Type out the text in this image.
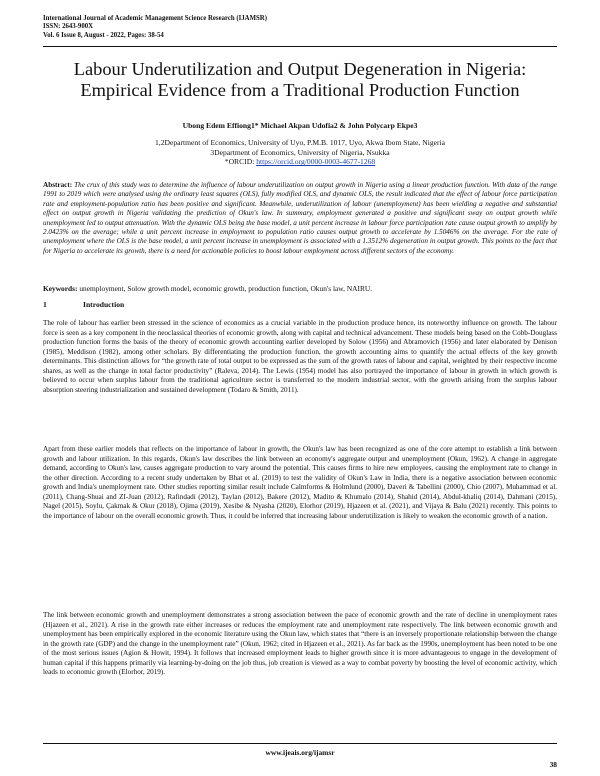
International Journal of Academic Management Science Research (IJAMSR)
ISSN: 2643-900X
Vol. 6 Issue 8, August - 2022, Pages: 38-54
Labour Underutilization and Output Degeneration in Nigeria:
Empirical Evidence from a Traditional Production Function
Ubong Edem Effiong1* Michael Akpan Udofia2 & John Polycarp Ekpe3
1,2Department of Economics, University of Uyo, P.M.B. 1017, Uyo, Akwa Ibom State, Nigeria
3Department of Economics, University of Nigeria, Nsukka
*ORCID: https://orcid.org/0000-0003-4677-1268
Abstract: The crux of this study was to determine the influence of labour underutilization on output growth in Nigeria using a linear production function. With data of the range 1991 to 2019 which were analysed using the ordinary least squares (OLS), fully modified OLS, and dynamic OLS, the result indicated that the effect of labour force participation rate and employment-population ratio has been positive and significant. Meanwhile, underutilization of labour (unemployment) has been wielding a negative and substantial effect on output growth in Nigeria validating the prediction of Okun's law. In summary, employment generated a positive and significant sway on output growth while unemployment led to output attenuation. With the dynamic OLS being the base model, a unit percent increase in labour force participation rate cause output growth to amplify by 2.0423% on the average; while a unit percent increase in employment to population ratio causes output growth to accelerate by 1.5046% on the average. For the rate of unemployment where the OLS is the base model, a unit percent increase in unemployment is associated with a 1.3512% degeneration in output growth. This points to the fact that for Nigeria to accelerate its growth, there is a need for actionable policies to boost labour employment across different sectors of the economy.
Keywords: unemployment, Solow growth model, economic growth, production function, Okun's law, NAIRU.
1	Introduction
The role of labour has earlier been stressed in the science of economics as a crucial variable in the production produce hence, its noteworthy influence on growth. The labour force is seen as a key component in the neoclassical theories of economic growth, along with capital and technical advancement. These models being based on the Cobb-Douglass production function forms the basis of the theory of economic growth accounting earlier developed by Solow (1956) and Abramovich (1956) and later elaborated by Denison (1985), Meddison (1982), among other scholars. By differentiating the production function, the growth accounting aims to quantify the actual effects of the key growth determinants. This distinction allows for “the growth rate of total output to be expressed as the sum of the growth rates of labour and capital, weighted by their respective income shares, as well as the change in total factor productivity” (Raleva, 2014). The Lewis (1954) model has also portrayed the importance of labour in growth in which growth is believed to occur when surplus labour from the traditional agriculture sector is transferred to the modern industrial sector, with the growth arising from the surplus labour absorption steering industrialization and sustained development (Todaro & Smith, 2011).
Apart from these earlier models that reflects on the importance of labour in growth, the Okun's law has been recognized as one of the core attempt to establish a link between growth and labour utilization. In this regards, Okun's law describes the link between an economy's aggregate output and unemployment (Okun, 1962). A change in aggregate demand, according to Okun's law, causes aggregate production to vary around the potential. This causes firms to hire new employees, causing the employment rate to change in the other direction. According to a recent study undertaken by Bhat et al. (2019) to test the validity of Okun's Law in India, there is a negative association between economic growth and India's unemployment rate. Other studies reporting similar result include Calmforms & Holmlund (2000), Daveri & Tabellini (2000), Chio (2007), Muhammad et al. (2011), Chang-Shuai and ZI-Juan (2012), Rafindadi (2012), Taylan (2012), Bakere (2012), Madito & Khumalo (2014), Shahid (2014), Abdul-khaliq (2014), Dahmani (2015), Nagel (2015), Soylu, Çakmak & Okur (2018), Ojima (2019), Xesibe & Nyasha (2020), Elorhor (2019), Hjazeen et al. (2021), and Vijaya & Balu (2021) recently. This points to the importance of labour on the overall economic growth. Thus, it could be inferred that increasing labour underutilization is likely to weaken the economic growth of a nation.
The link between economic growth and unemployment demonstrates a strong association between the pace of economic growth and the rate of decline in unemployment rates (Hjazeen et al., 2021). A rise in the growth rate either increases or reduces the employment rate and unemployment rate respectively. The link between economic growth and unemployment has been empirically explored in the economic literature using the Okun law, which states that “there is an inversely proportionate relationship between the change in the growth rate (GDP) and the change in the unemployment rate” (Okun, 1962; cited in Hjazeen et al., 2021). As far back as the 1990s, unemployment has been noted to be one of the most serious issues (Agion & Howit, 1994). It follows that increased employment leads to higher growth since it is more advantageous to engage in the development of human capital if this happens primarily via learning-by-doing on the job thus, job creation is viewed as a way to combat poverty by boosting the level of economic activity, which leads to economic growth (Elorhor, 2019).
www.ijeais.org/ijamsr
38
